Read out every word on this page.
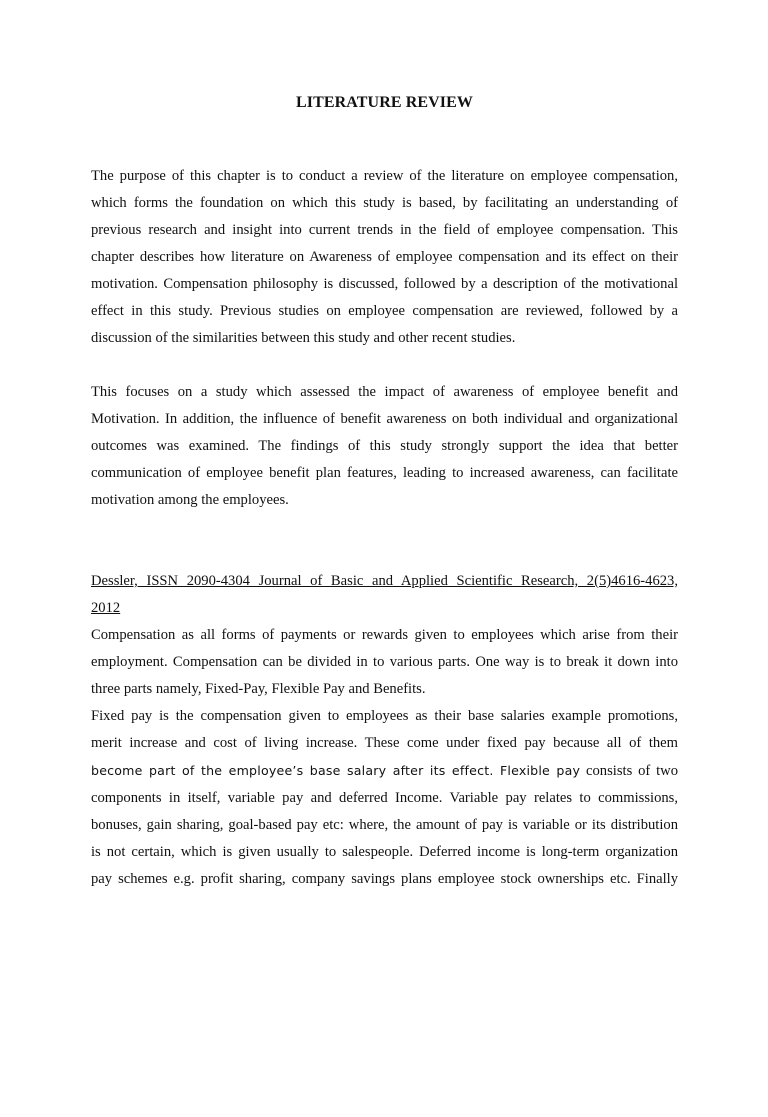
LITERATURE REVIEW

The purpose of this chapter is to conduct a review of the literature on employee compensation,
which forms the foundation on which this study is based, by facilitating an understanding of
previous research and insight into current trends in the field of employee compensation. This
chapter describes how literature on Awareness of employee compensation and its effect on their
motivation. Compensation philosophy is discussed, followed by a description of the motivational
effect in this study. Previous studies on employee compensation are reviewed, followed by a
discussion of the similarities between this study and other recent studies.

This focuses on a study which assessed the impact of awareness of employee benefit and
Motivation. In addition, the influence of benefit awareness on both individual and organizational
outcomes was examined. The findings of this study strongly support the idea that better
communication of employee benefit plan features, leading to increased awareness, can facilitate
motivation among the employees.

Dessler, ISSN 2090-4304 Journal of Basic and Applied Scientific Research, 2(5)4616-4623,
2012

Compensation as all forms of payments or rewards given to employees which arise from their
employment. Compensation can be divided in to various parts. One way is to break it down into
three parts namely, Fixed-Pay, Flexible Pay and Benefits.

Fixed pay is the compensation given to employees as their base salaries example promotions,
merit increase and cost of living increase. These come under fixed pay because all of them
become part of the employee’s base salary after its effect. Flexible pay consists of two
components in itself, variable pay and deferred Income. Variable pay relates to commissions,
bonuses, gain sharing, goal-based pay etc: where, the amount of pay is variable or its distribution
is not certain, which is given usually to salespeople. Deferred income is long-term organization
pay schemes e.g. profit sharing, company savings plans employee stock ownerships etc. Finally
